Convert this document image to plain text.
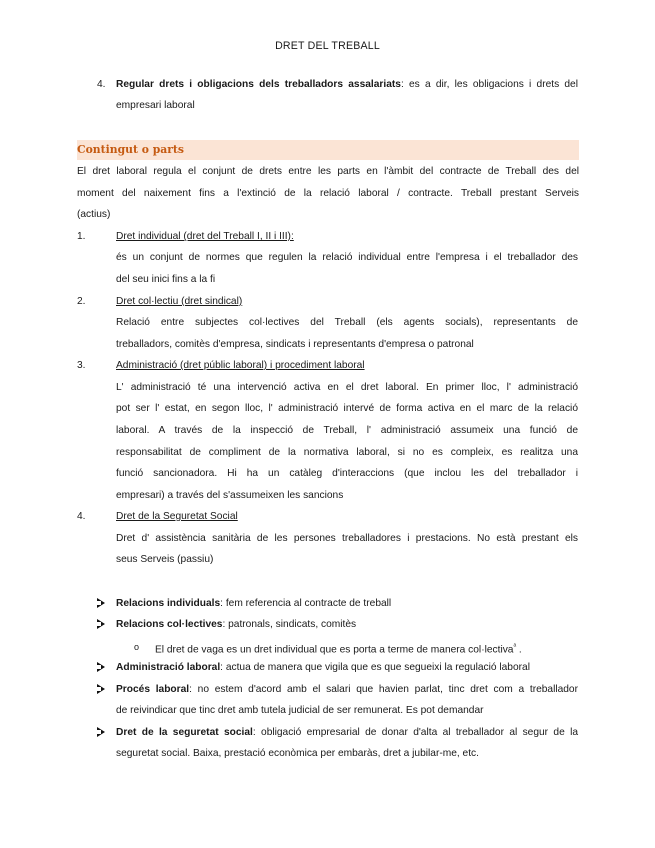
DRET DEL TREBALL
4. Regular drets i obligacions dels treballadors assalariats: es a dir, les obligacions i drets del
empresari laboral
Contingut o parts
El dret laboral regula el conjunt de drets entre les parts en l'àmbit del contracte de Treball des del
moment del naixement fins a l'extinció de la relació laboral / contracte. Treball prestant Serveis
(actius)
1.	Dret individual (dret del Treball I, II i III):
és un conjunt de normes que regulen la relació individual entre l'empresa i el treballador des
del seu inici fins a la fi
2.	Dret col·lectiu (dret sindical)
Relació entre subjectes col·lectives del Treball (els agents socials), representants de
treballadors, comitès d'empresa, sindicats i representants d'empresa o patronal
3.	Administració (dret públic laboral) i procediment laboral
L' administració té una intervenció activa en el dret laboral. En primer lloc, l' administració
pot ser l' estat, en segon lloc, l' administració intervé de forma activa en el marc de la relació
laboral. A través de la inspecció de Treball, l' administració assumeix una funció de
responsabilitat de compliment de la normativa laboral, si no es compleix, es realitza una
funció sancionadora. Hi ha un catàleg d'interaccions (que inclou les del treballador i
empresari) a través del s'assumeixen les sancions
4.	Dret de la Seguretat Social
Dret d' assistència sanitària de les persones treballadores i prestacions. No està prestant els
seus Serveis (passiu)
Relacions individuals: fem referencia al contracte de treball
Relacions col·lectives: patronals, sindicats, comitès
o El dret de vaga es un dret individual que es porta a terme de manera col·lectiva$^ᵃ$ .
Administració laboral: actua de manera que vigila que es que segueixi la regulació laboral
Procés laboral: no estem d'acord amb el salari que havien parlat, tinc dret com a treballador
de reivindicar que tinc dret amb tutela judicial de ser remunerat. Es pot demandar
Dret de la seguretat social: obligació empresarial de donar d'alta al treballador al segur de la
seguretat social. Baixa, prestació econòmica per embaràs, dret a jubilar-me, etc.
